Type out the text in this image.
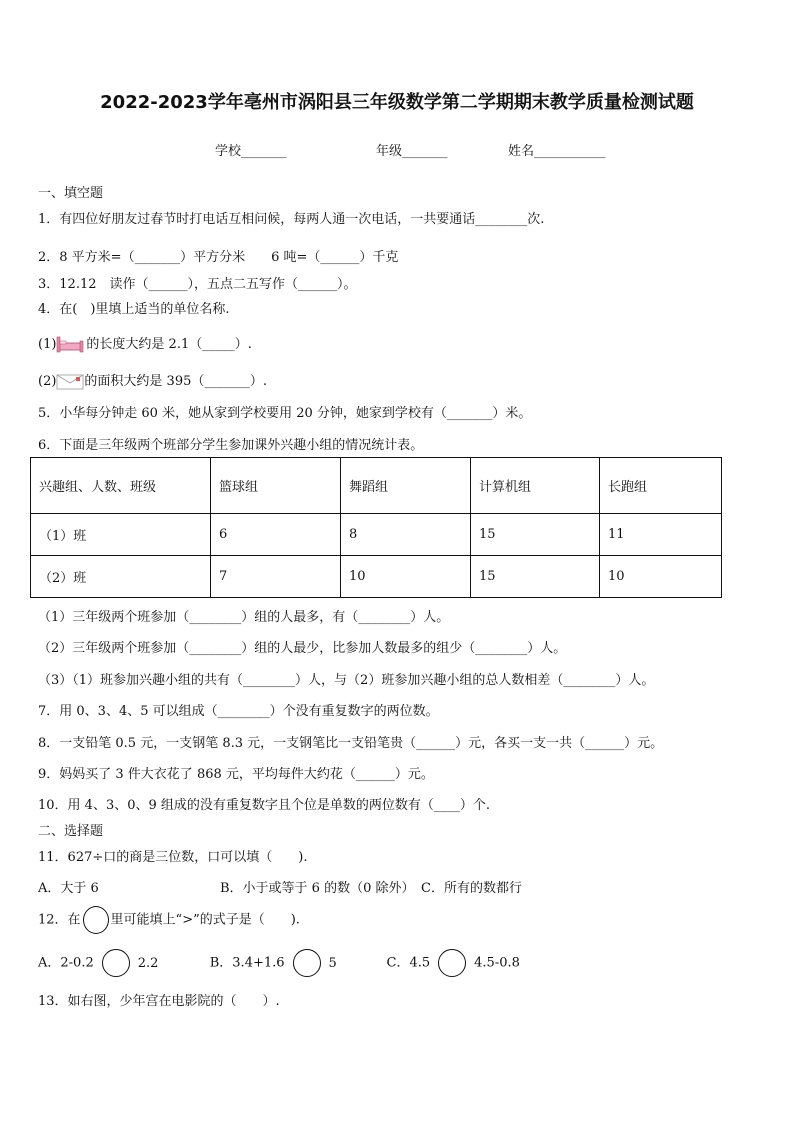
2022-2023学年亳州市涡阳县三年级数学第二学期期末教学质量检测试题
学校_______	年级_______	姓名___________
一、填空题
1．有四位好朋友过春节时打电话互相问候，每两人通一次电话，一共要通话________次.
2．8 平方米=（_______）平方分米　　6 吨=（______）千克
3．12.12　读作（______），五点二五写作（______）。
4．在(　)里填上适当的单位名称.
(1) 的长度大约是 2.1（_____）.
(2) 的面积大约是 395（_______）.
5．小华每分钟走 60 米，她从家到学校要用 20 分钟，她家到学校有（_______）米。
6．下面是三年级两个班部分学生参加课外兴趣小组的情况统计表。
兴趣组、人数、班级	篮球组	舞蹈组	计算机组	长跑组
（1）班	6	8	15	11
（2）班	7	10	15	10
（1）三年级两个班参加（________）组的人最多，有（________）人。
（2）三年级两个班参加（________）组的人最少，比参加人数最多的组少（________）人。
（3）（1）班参加兴趣小组的共有（________）人，与（2）班参加兴趣小组的总人数相差（________）人。
7．用 0、3、4、5 可以组成（________）个没有重复数字的两位数。
8．一支铅笔 0.5 元，一支钢笔 8.3 元，一支钢笔比一支铅笔贵（______）元，各买一支一共（______）元。
9．妈妈买了 3 件大衣花了 868 元，平均每件大约花（______）元。
10．用 4、3、0、9 组成的没有重复数字且个位是单数的两位数有（____）个.
二、选择题
11．627÷口的商是三位数，口可以填（　　).
A．大于 6	B．小于或等于 6 的数（0 除外）　 C．所有的数都行
12．在 里可能填上“>”的式子是（　　).
A．2-0.2	2.2	B．3.4+1.6	5	C．4.5	4.5-0.8
13．如右图，少年宫在电影院的（　　）.
